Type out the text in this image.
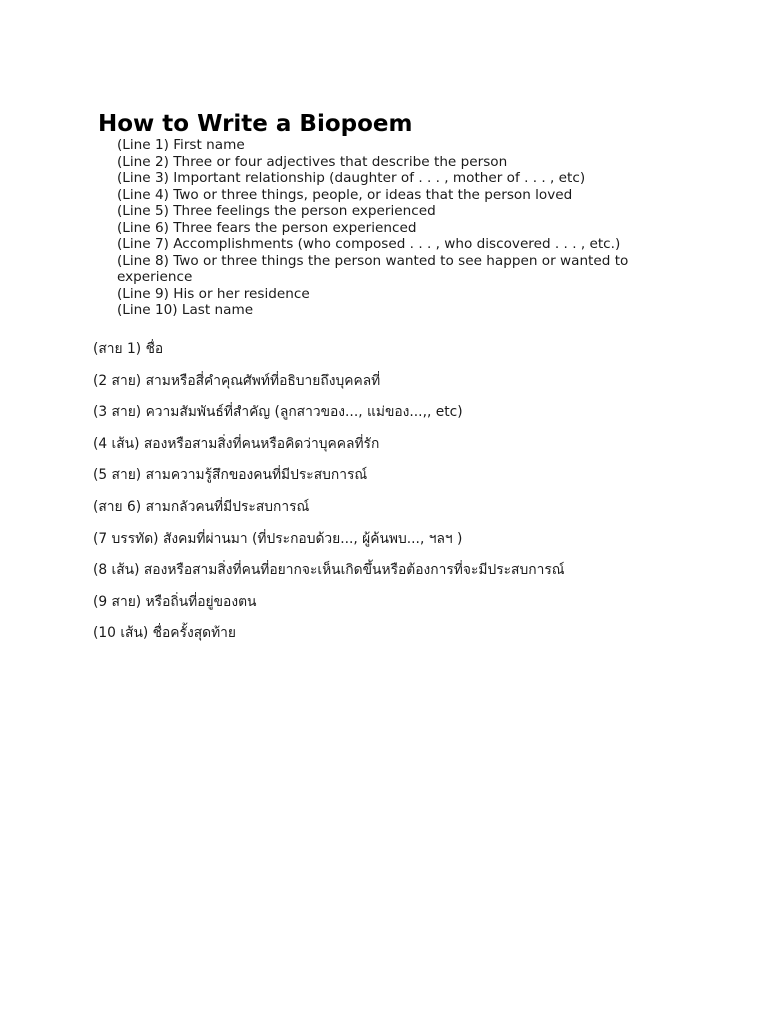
How to Write a Biopoem
(Line 1) First name
(Line 2) Three or four adjectives that describe the person
(Line 3) Important relationship (daughter of . . . , mother of . . . , etc)
(Line 4) Two or three things, people, or ideas that the person loved
(Line 5) Three feelings the person experienced
(Line 6) Three fears the person experienced
(Line 7) Accomplishments (who composed . . . , who discovered . . . , etc.)
(Line 8) Two or three things the person wanted to see happen or wanted to experience
(Line 9) His or her residence
(Line 10) Last name
(สาย 1) ชื่อ
(2 สาย) สามหรือสี่คำคุณศัพท์ที่อธิบายถึงบุคคลที่
(3 สาย) ความสัมพันธ์ที่สำคัญ (ลูกสาวของ..., แม่ของ...,, etc)
(4 เส้น) สองหรือสามสิ่งที่คนหรือคิดว่าบุคคลที่รัก
(5 สาย) สามความรู้สึกของคนที่มีประสบการณ์
(สาย 6) สามกลัวคนที่มีประสบการณ์
(7 บรรทัด) สังคมที่ผ่านมา (ที่ประกอบด้วย..., ผู้ค้นพบ..., ฯลฯ )
(8 เส้น) สองหรือสามสิ่งที่คนที่อยากจะเห็นเกิดขึ้นหรือต้องการที่จะมีประสบการณ์
(9 สาย) หรือถิ่นที่อยู่ของตน
(10 เส้น) ชื่อครั้งสุดท้าย
